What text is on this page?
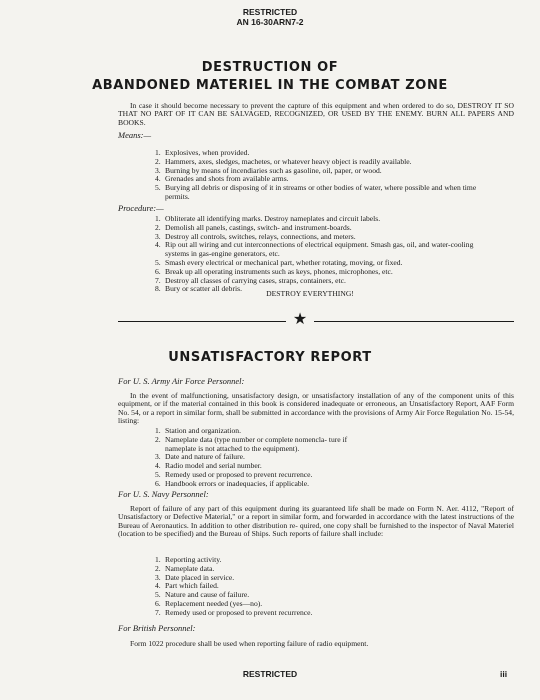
RESTRICTED
AN 16-30ARN7-2
DESTRUCTION OF
ABANDONED MATERIEL IN THE COMBAT ZONE
In case it should become necessary to prevent the capture of this equipment and when ordered to do so, DESTROY IT SO THAT NO PART OF IT CAN BE SALVAGED, RECOGNIZED, OR USED BY THE ENEMY. BURN ALL PAPERS AND BOOKS.
Means:—
1. Explosives, when provided.
2. Hammers, axes, sledges, machetes, or whatever heavy object is readily available.
3. Burning by means of incendiaries such as gasoline, oil, paper, or wood.
4. Grenades and shots from available arms.
5. Burying all debris or disposing of it in streams or other bodies of water, where possible and when time permits.
Procedure:—
1. Obliterate all identifying marks. Destroy nameplates and circuit labels.
2. Demolish all panels, castings, switch- and instrument-boards.
3. Destroy all controls, switches, relays, connections, and meters.
4. Rip out all wiring and cut interconnections of electrical equipment. Smash gas, oil, and water-cooling systems in gas-engine generators, etc.
5. Smash every electrical or mechanical part, whether rotating, moving, or fixed.
6. Break up all operating instruments such as keys, phones, microphones, etc.
7. Destroy all classes of carrying cases, straps, containers, etc.
8. Bury or scatter all debris.
DESTROY EVERYTHING!
★
UNSATISFACTORY REPORT
For U. S. Army Air Force Personnel:
In the event of malfunctioning, unsatisfactory design, or unsatisfactory installation of any of the component units of this equipment, or if the material contained in this book is considered inadequate or erroneous, an Unsatisfactory Report, AAF Form No. 54, or a report in similar form, shall be submitted in accordance with the provisions of Army Air Force Regulation No. 15-54, listing:
1. Station and organization.
2. Nameplate data (type number or complete nomencla- ture if nameplate is not attached to the equipment).
3. Date and nature of failure.
4. Radio model and serial number.
5. Remedy used or proposed to prevent recurrence.
6. Handbook errors or inadequacies, if applicable.
For U. S. Navy Personnel:
Report of failure of any part of this equipment during its guaranteed life shall be made on Form N. Aer. 4112, "Report of Unsatisfactory or Defective Material," or a report in similar form, and forwarded in accordance with the latest instructions of the Bureau of Aeronautics. In addition to other distribution re- quired, one copy shall be furnished to the inspector of Naval Materiel (location to be specified) and the Bureau of Ships. Such reports of failure shall include:
1. Reporting activity.
2. Nameplate data.
3. Date placed in service.
4. Part which failed.
5. Nature and cause of failure.
6. Replacement needed (yes—no).
7. Remedy used or proposed to prevent recurrence.
For British Personnel:
Form 1022 procedure shall be used when reporting failure of radio equipment.
RESTRICTED	iii
